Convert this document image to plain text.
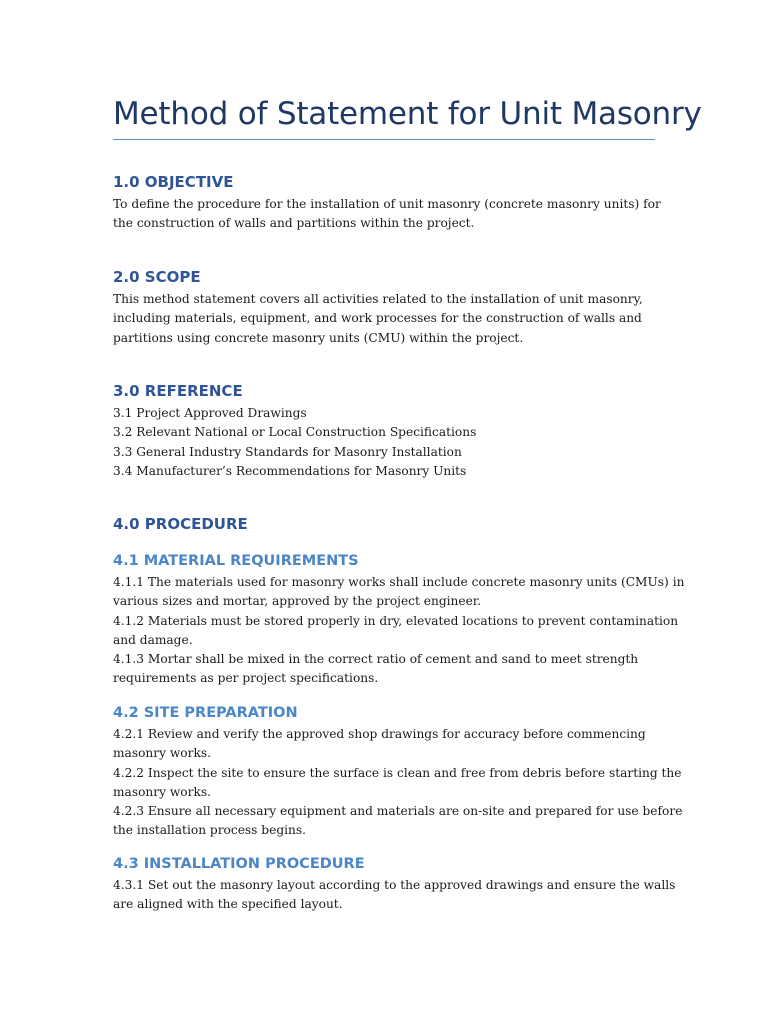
Method of Statement for Unit Masonry
1.0 OBJECTIVE

To define the procedure for the installation of unit masonry (concrete masonry units) for
the construction of walls and partitions within the project.

2.0 SCOPE

This method statement covers all activities related to the installation of unit masonry,
including materials, equipment, and work processes for the construction of walls and
partitions using concrete masonry units (CMU) within the project.

3.0 REFERENCE

3.1 Project Approved Drawings
3.2 Relevant National or Local Construction Specifications
3.3 General Industry Standards for Masonry Installation
3.4 Manufacturer’s Recommendations for Masonry Units

4.0 PROCEDURE
4.1 MATERIAL REQUIREMENTS

4.1.1 The materials used for masonry works shall include concrete masonry units (CMUs) in
various sizes and mortar, approved by the project engineer.
4.1.2 Materials must be stored properly in dry, elevated locations to prevent contamination
and damage.
4.1.3 Mortar shall be mixed in the correct ratio of cement and sand to meet strength
requirements as per project specifications.

4.2 SITE PREPARATION

4.2.1 Review and verify the approved shop drawings for accuracy before commencing
masonry works.
4.2.2 Inspect the site to ensure the surface is clean and free from debris before starting the
masonry works.
4.2.3 Ensure all necessary equipment and materials are on-site and prepared for use before
the installation process begins.

4.3 INSTALLATION PROCEDURE

4.3.1 Set out the masonry layout according to the approved drawings and ensure the walls
are aligned with the specified layout.
